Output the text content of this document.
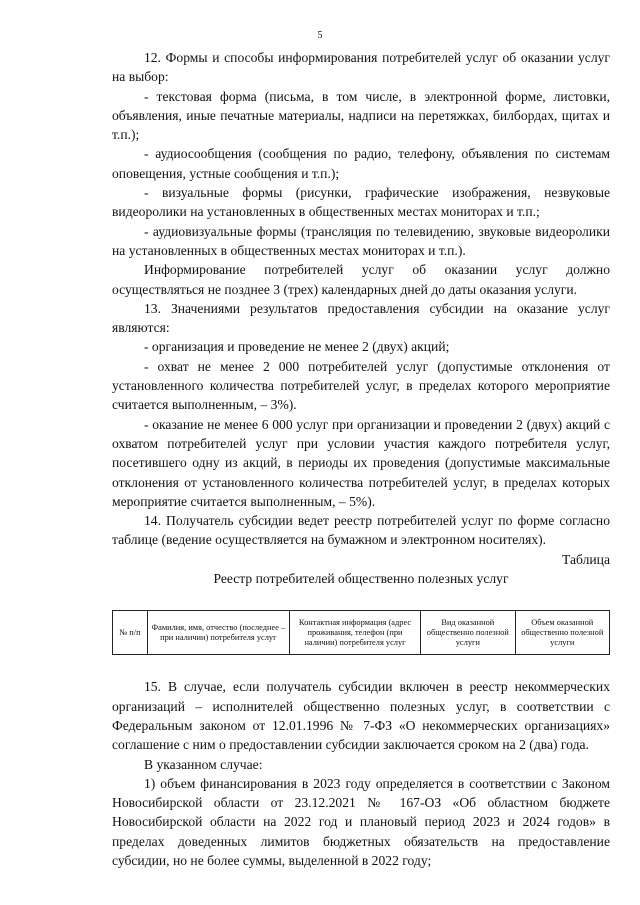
5

12. Формы и способы информирования потребителей услуг об оказании услуг на выбор:

- текстовая форма (письма, в том числе, в электронной форме, листовки, объявления, иные печатные материалы, надписи на перетяжках, билбордах, щитах и т.п.);

- аудиосообщения (сообщения по радио, телефону, объявления по системам оповещения, устные сообщения и т.п.);

- визуальные формы (рисунки, графические изображения, незвуковые видеоролики на установленных в общественных местах мониторах и т.п.;

- аудиовизуальные формы (трансляция по телевидению, звуковые видеоролики на установленных в общественных местах мониторах и т.п.).

Информирование потребителей услуг об оказании услуг должно осуществляться не позднее 3 (трех) календарных дней до даты оказания услуги.

13. Значениями результатов предоставления субсидии на оказание услуг являются:

- организация и проведение не менее 2 (двух) акций;

- охват не менее 2 000 потребителей услуг (допустимые отклонения от установленного количества потребителей услуг, в пределах которого мероприятие считается выполненным, – 3%).

- оказание не менее 6 000 услуг при организации и проведении 2 (двух) акций с охватом потребителей услуг при условии участия каждого потребителя услуг, посетившего одну из акций, в периоды их проведения (допустимые максимальные отклонения от установленного количества потребителей услуг, в пределах которых мероприятие считается выполненным, – 5%).

14. Получатель субсидии ведет реестр потребителей услуг по форме согласно таблице (ведение осуществляется на бумажном и электронном носителях).

Таблица

Реестр потребителей общественно полезных услуг

№ п/п	Фамилия, имя, отчество (последнее – при наличии) потребителя услуг	Контактная информация (адрес проживания, телефон (при наличии) потребителя услуг	Вид оказанной общественно полезной услуги	Объем оказанной общественно полезной услуги

15. В случае, если получатель субсидии включен в реестр некоммерческих организаций – исполнителей общественно полезных услуг, в соответствии с Федеральным законом от 12.01.1996 № 7-ФЗ «О некоммерческих организациях» соглашение с ним о предоставлении субсидии заключается сроком на 2 (два) года.

В указанном случае:

1) объем финансирования в 2023 году определяется в соответствии с Законом Новосибирской области от 23.12.2021 № 167-ОЗ «Об областном бюджете Новосибирской области на 2022 год и плановый период 2023 и 2024 годов» в пределах доведенных лимитов бюджетных обязательств на предоставление субсидии, но не более суммы, выделенной в 2022 году;
